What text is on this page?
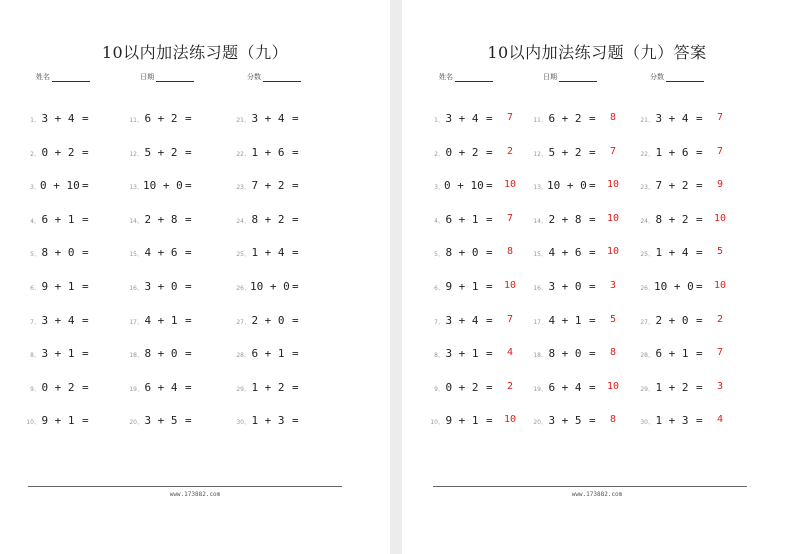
10以内加法练习题（九）
姓名	日期	分数
1、 3 + 4 =
2、 0 + 2 =
3、 0 + 10 =
4、 6 + 1 =
5、 8 + 0 =
6、 9 + 1 =
7、 3 + 4 =
8、 3 + 1 =
9、 0 + 2 =
10、 9 + 1 =
11、 6 + 2 =
12、 5 + 2 =
13、 10 + 0 =
14、 2 + 8 =
15、 4 + 6 =
16、 3 + 0 =
17、 4 + 1 =
18、 8 + 0 =
19、 6 + 4 =
20、 3 + 5 =
21、 3 + 4 =
22、 1 + 6 =
23、 7 + 2 =
24、 8 + 2 =
25、 1 + 4 =
26、 10 + 0 =
27、 2 + 0 =
28、 6 + 1 =
29、 1 + 2 =
30、 1 + 3 =
www.173882.com
10以内加法练习题（九）答案
姓名	日期	分数
1、 3 + 4 =	7
2、 0 + 2 =	2
3、 0 + 10 =	10
4、 6 + 1 =	7
5、 8 + 0 =	8
6、 9 + 1 =	10
7、 3 + 4 =	7
8、 3 + 1 =	4
9、 0 + 2 =	2
10、 9 + 1 =	10
11、 6 + 2 =	8
12、 5 + 2 =	7
13、 10 + 0 =	10
14、 2 + 8 =	10
15、 4 + 6 =	10
16、 3 + 0 =	3
17、 4 + 1 =	5
18、 8 + 0 =	8
19、 6 + 4 =	10
20、 3 + 5 =	8
21、 3 + 4 =	7
22、 1 + 6 =	7
23、 7 + 2 =	9
24、 8 + 2 =	10
25、 1 + 4 =	5
26、 10 + 0 =	10
27、 2 + 0 =	2
28、 6 + 1 =	7
29、 1 + 2 =	3
30、 1 + 3 =	4
www.173882.com
